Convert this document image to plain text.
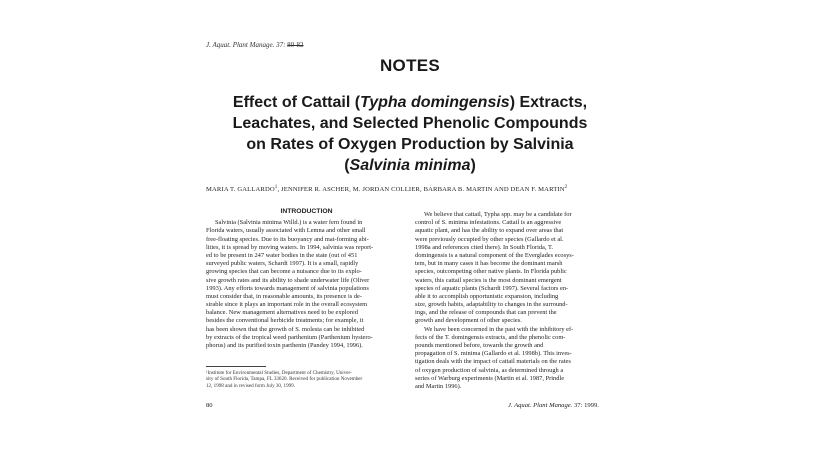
J. Aquat. Plant Manage. 37: 80-82
NOTES
Effect of Cattail (Typha domingensis) Extracts,
Leachates, and Selected Phenolic Compounds
on Rates of Oxygen Production by Salvinia
(Salvinia minima)
MARIA T. GALLARDO$^1$, JENNIFER R. ASCHER, M. JORDAN COLLIER, BARBARA B. MARTIN AND DEAN F. MARTIN$^2$
INTRODUCTION
Salvinia (Salvinia minima Willd.) is a water fern found in
Florida waters, usually associated with Lemna and other small
free-floating species. Due to its buoyancy and mat-forming abi-
lities, it is spread by moving waters. In 1994, salvinia was report-
ed to be present in 247 water bodies in the state (out of 451
surveyed public waters, Schardt 1997). It is a small, rapidly
growing species that can become a nuisance due to its explo-
sive growth rates and its ability to shade underwater life (Oliver
1993). Any efforts towards management of salvinia populations
must consider that, in reasonable amounts, its presence is de-
sirable since it plays an important role in the overall ecosystem
balance. New management alternatives need to be explored
besides the conventional herbicide treatments; for example, it
has been shown that the growth of S. molesta can be inhibited
by extracts of the tropical weed parthenium (Parthenium hystero-
phorus) and its purified toxin parthenin (Pandey 1994, 1996).
We believe that cattail, Typha spp. may be a candidate for
control of S. minima infestations. Cattail is an aggressive
aquatic plant, and has the ability to expand over areas that
were previously occupied by other species (Gallardo et al.
1998a and references cited there). In South Florida, T.
domingensis is a natural component of the Everglades ecosys-
tem, but in many cases it has become the dominant marsh
species, outcompeting other native plants. In Florida public
waters, this cattail species is the most dominant emergent
species of aquatic plants (Schardt 1997). Several factors en-
able it to accomplish opportunistic expansion, including
size, growth habits, adaptability to changes in the surround-
ings, and the release of compounds that can prevent the
growth and development of other species.
We have been concerned in the past with the inhibitory ef-
fects of the T. domingensis extracts, and the phenolic com-
pounds mentioned before, towards the growth and
propagation of S. minima (Gallardo et al. 1998b). This inves-
tigation deals with the impact of cattail materials on the rates
of oxygen production of salvinia, as determined through a
series of Warburg experiments (Martin et al. 1987, Prindle
and Martin 1996).
¹Institute for Environmental Studies, Department of Chemistry, Univer-
sity of South Florida, Tampa, FL 33620. Received for publication November
12, 1998 and in revised form July 30, 1999.
80	J. Aquat. Plant Manage. 37: 1999.
